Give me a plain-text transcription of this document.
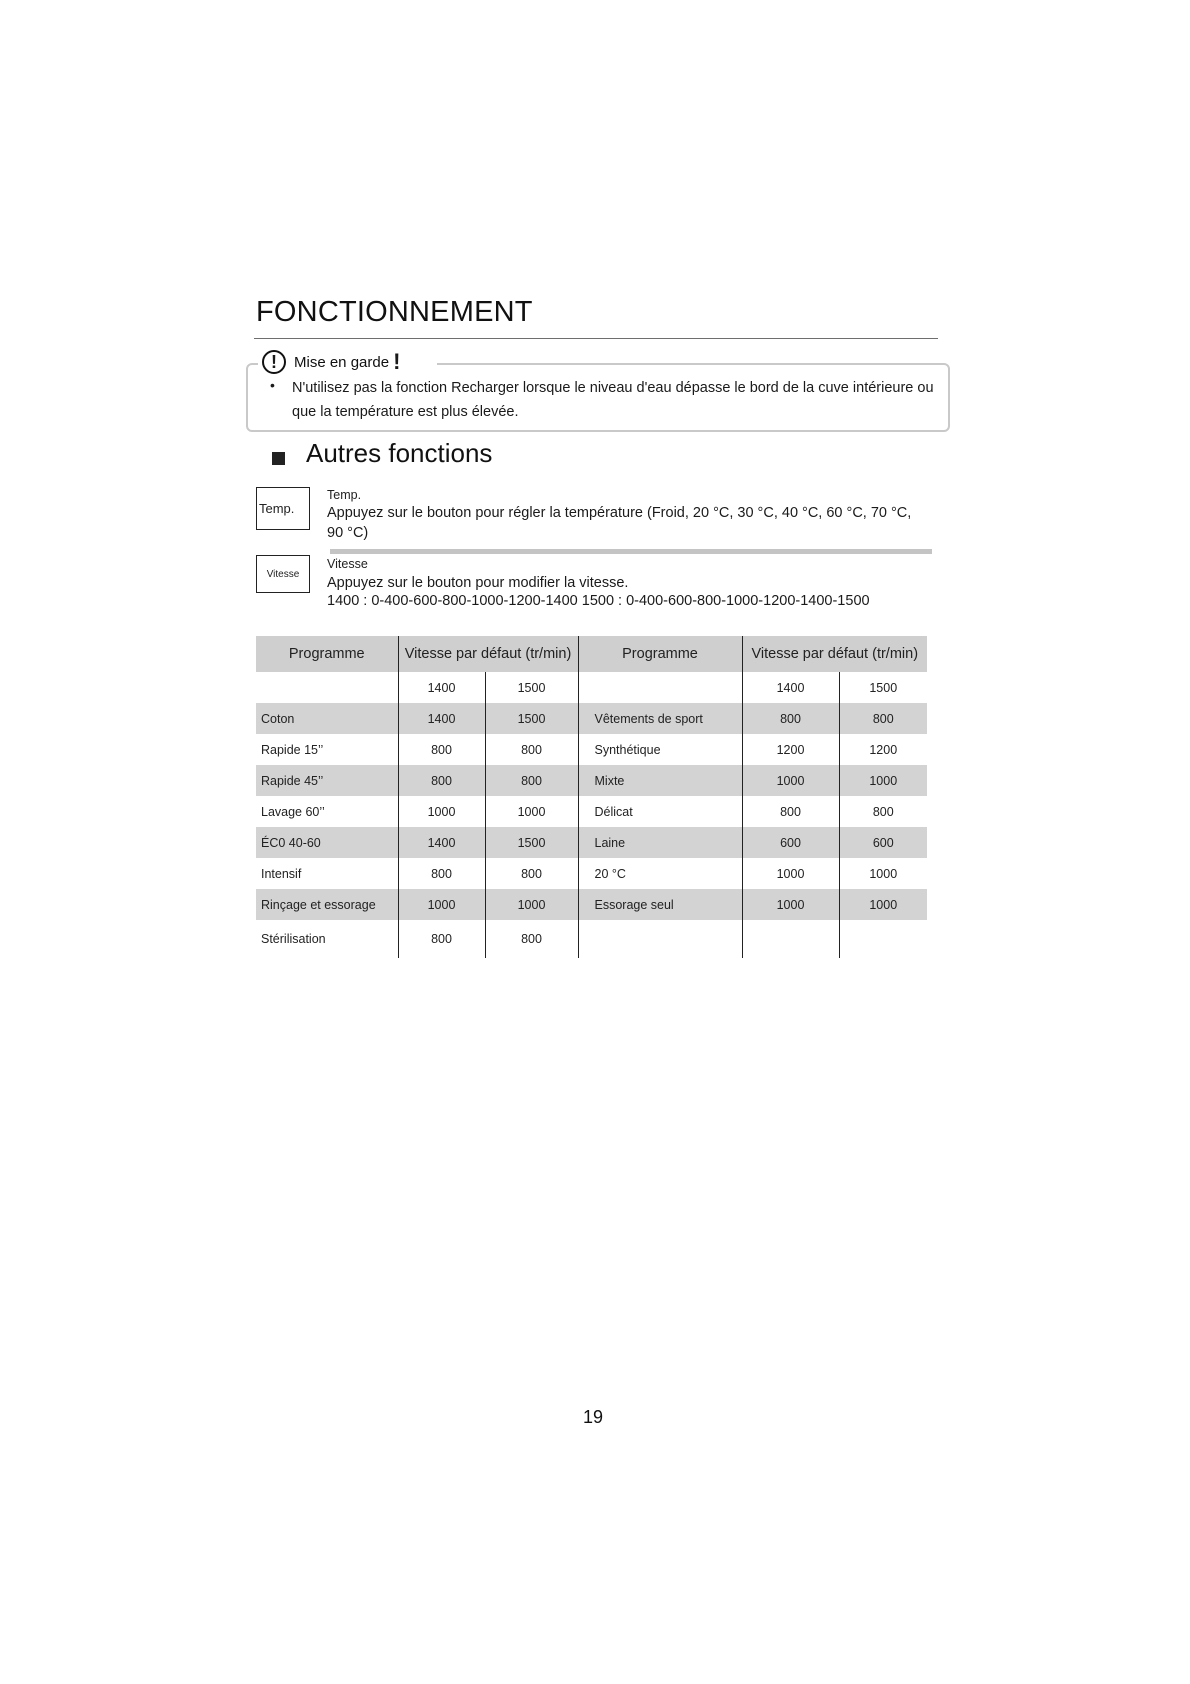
FONCTIONNEMENT
!	Mise en garde !
• N'utilisez pas la fonction Recharger lorsque le niveau d'eau dépasse le bord de la cuve intérieure ou que la température est plus élevée.
Autres fonctions
Temp.
Temp.
Appuyez sur le bouton pour régler la température (Froid, 20 °C, 30 °C, 40 °C, 60 °C, 70 °C, 90 °C)
Vitesse
Vitesse
Appuyez sur le bouton pour modifier la vitesse.
1400 : 0-400-600-800-1000-1200-1400 1500 : 0-400-600-800-1000-1200-1400-1500
Programme	Vitesse par défaut (tr/min)		Programme	Vitesse par défaut (tr/min)	
	1400	1500		1400	1500
Coton	1400	1500	Vêtements de sport	800	800
Rapide 15’’	800	800	Synthétique	1200	1200
Rapide 45’’	800	800	Mixte	1000	1000
Lavage 60’’	1000	1000	Délicat	800	800
ÉC0 40-60	1400	1500	Laine	600	600
Intensif	800	800	20 °C	1000	1000
Rinçage et essorage	1000	1000	Essorage seul	1000	1000
Stérilisation	800	800			
19
